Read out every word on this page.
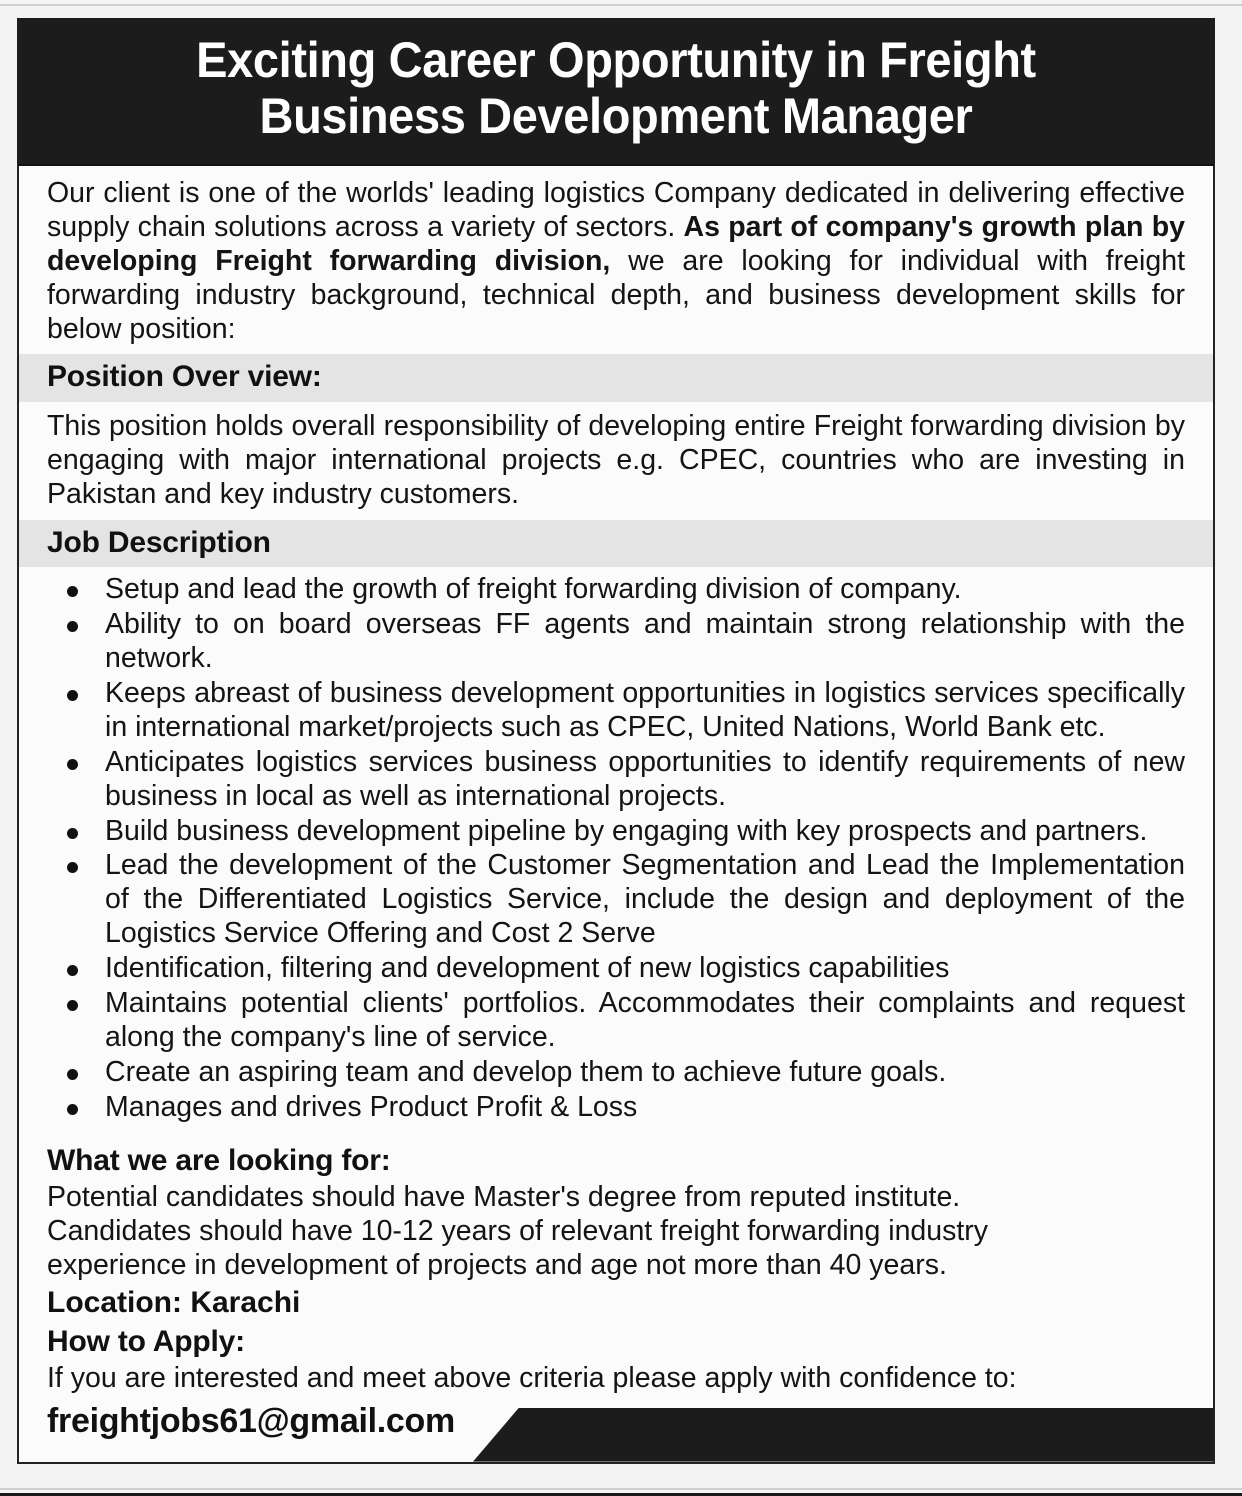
Exciting Career Opportunity in Freight
Business Development Manager

Our client is one of the worlds' leading logistics Company dedicated in delivering effective supply chain solutions across a variety of sectors. As part of company's growth plan by developing Freight forwarding division, we are looking for individual with freight forwarding industry background, technical depth, and business development skills for below position:

Position Over view:

This position holds overall responsibility of developing entire Freight forwarding division by engaging with major international projects e.g. CPEC, countries who are investing in Pakistan and key industry customers.

Job Description
Setup and lead the growth of freight forwarding division of company.
Ability to on board overseas FF agents and maintain strong relationship with the network.
Keeps abreast of business development opportunities in logistics services specifically in international market/projects such as CPEC, United Nations, World Bank etc.
Anticipates logistics services business opportunities to identify requirements of new business in local as well as international projects.
Build business development pipeline by engaging with key prospects and partners.
Lead the development of the Customer Segmentation and Lead the Implementation of the Differentiated Logistics Service, include the design and deployment of the Logistics Service Offering and Cost 2 Serve
Identification, filtering and development of new logistics capabilities
Maintains potential clients' portfolios. Accommodates their complaints and request along the company's line of service.
Create an aspiring team and develop them to achieve future goals.
Manages and drives Product Profit & Loss
What we are looking for:

Potential candidates should have Master's degree from reputed institute.

Candidates should have 10-12 years of relevant freight forwarding industry

experience in development of projects and age not more than 40 years.

Location: Karachi
How to Apply:

If you are interested and meet above criteria please apply with confidence to:

freightjobs61@gmail.com
